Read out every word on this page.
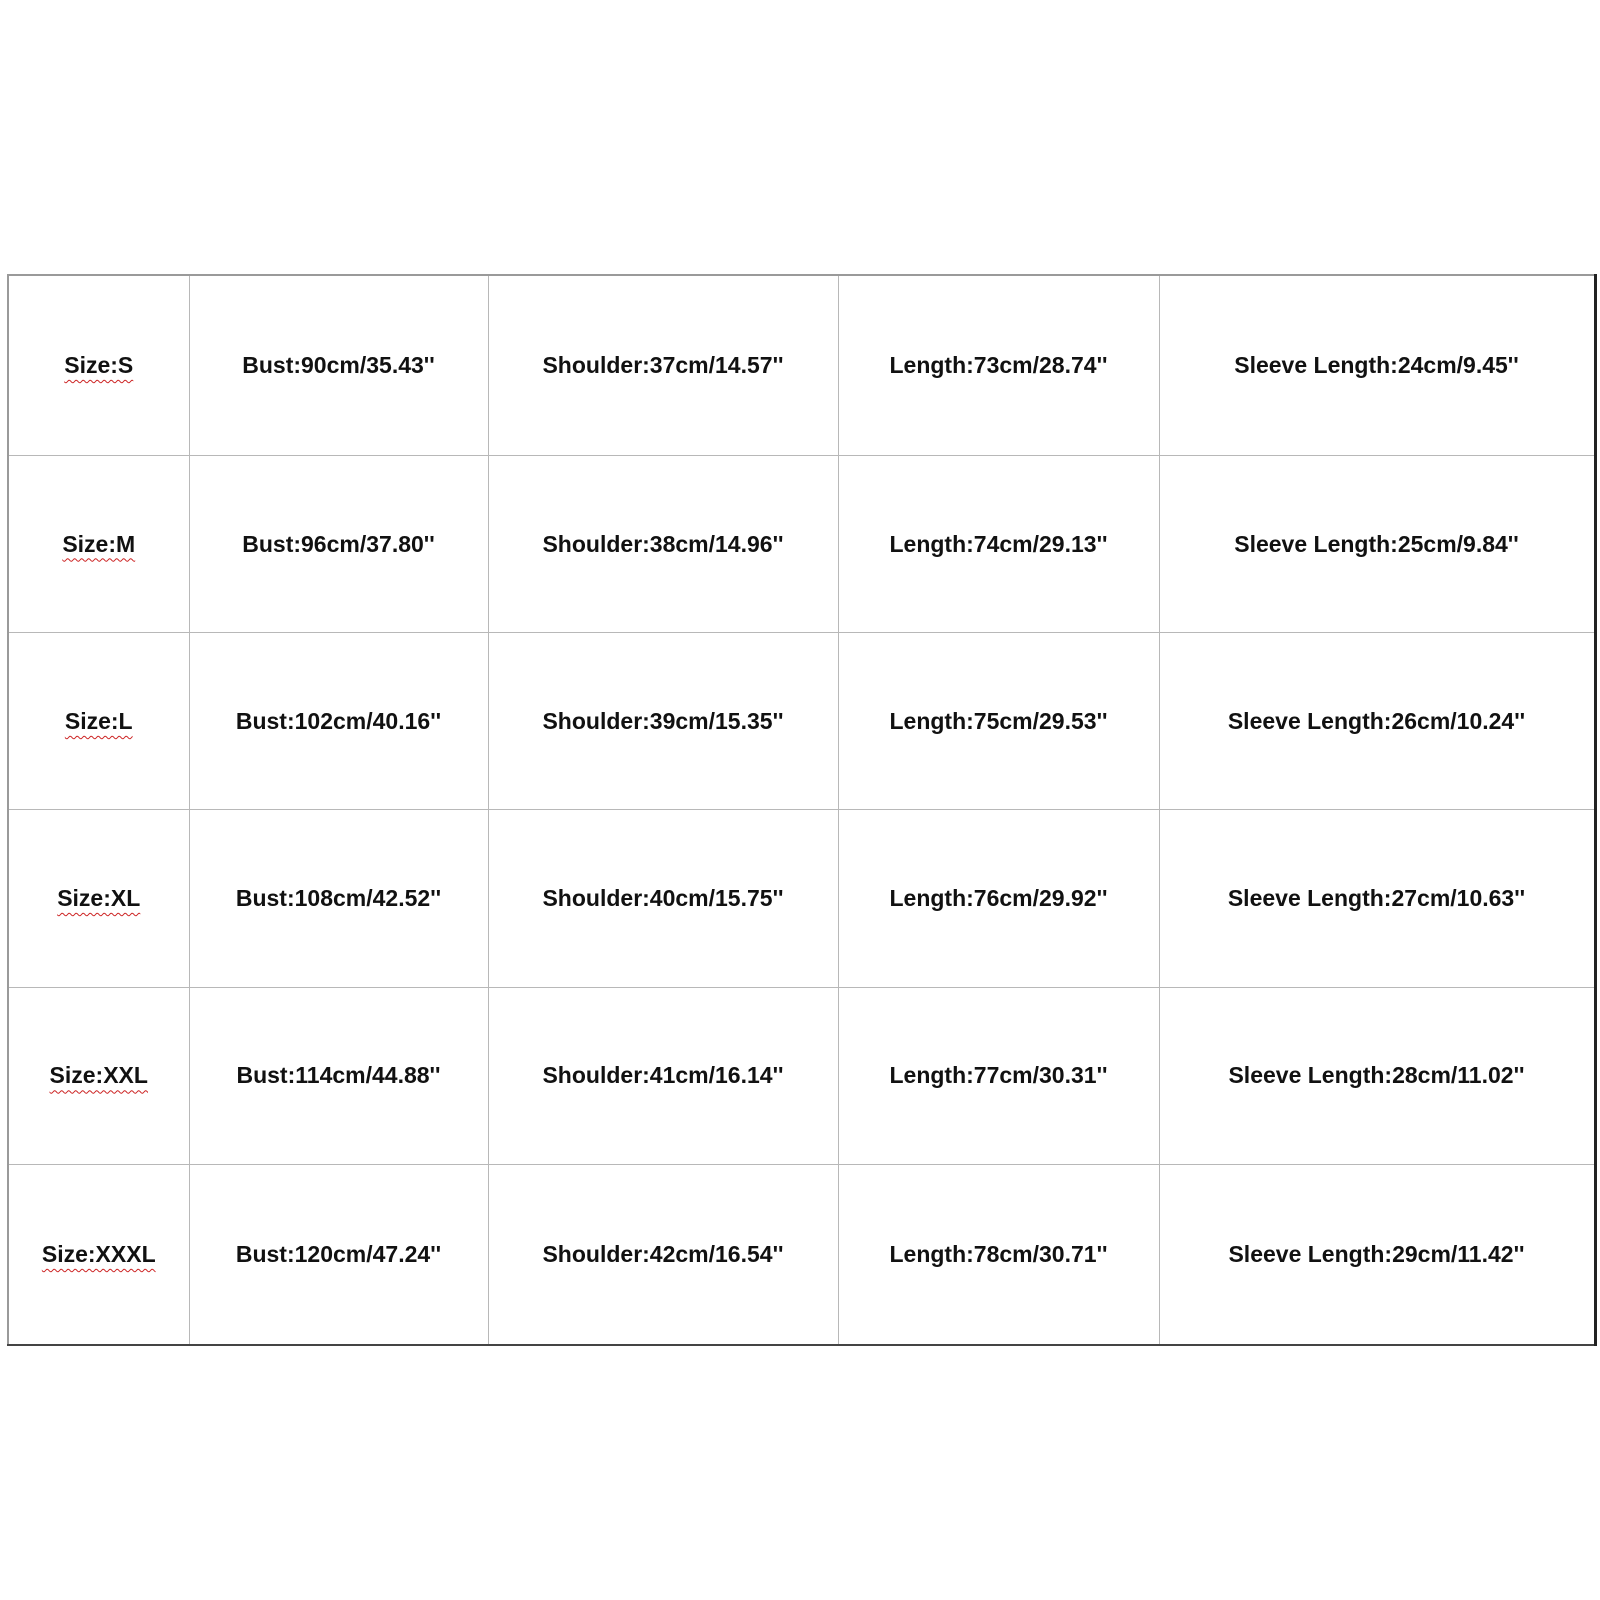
Size:S	Bust:90cm/35.43''	Shoulder:37cm/14.57''	Length:73cm/28.74''	Sleeve Length:24cm/9.45''
Size:M	Bust:96cm/37.80''	Shoulder:38cm/14.96''	Length:74cm/29.13''	Sleeve Length:25cm/9.84''
Size:L	Bust:102cm/40.16''	Shoulder:39cm/15.35''	Length:75cm/29.53''	Sleeve Length:26cm/10.24''
Size:XL	Bust:108cm/42.52''	Shoulder:40cm/15.75''	Length:76cm/29.92''	Sleeve Length:27cm/10.63''
Size:XXL	Bust:114cm/44.88''	Shoulder:41cm/16.14''	Length:77cm/30.31''	Sleeve Length:28cm/11.02''
Size:XXXL	Bust:120cm/47.24''	Shoulder:42cm/16.54''	Length:78cm/30.71''	Sleeve Length:29cm/11.42''
